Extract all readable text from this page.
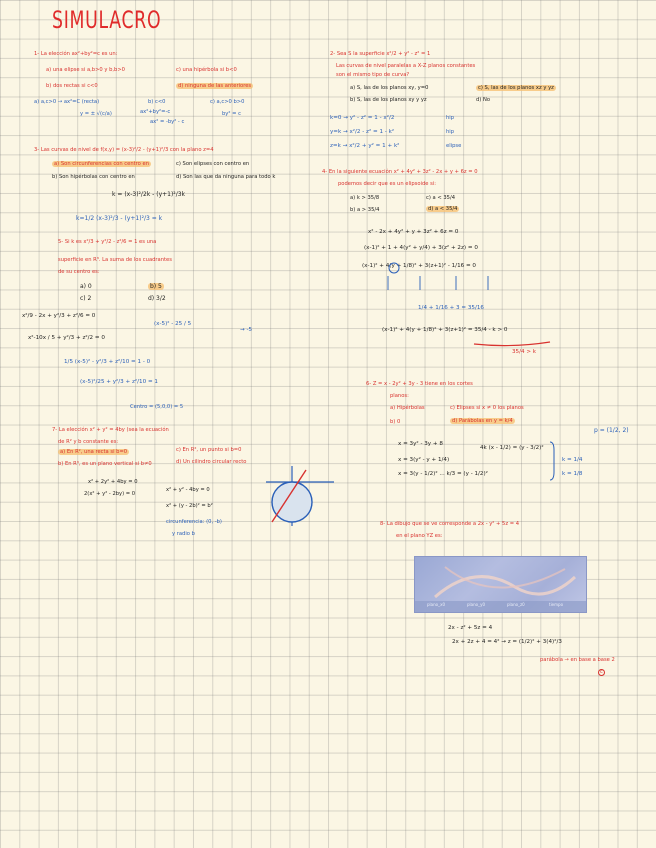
SIMULACRO
1- La elección ax²+by²=c es un:
a) una elipse si a,b>0 y b,b>0	c) una hipérbola si b<0
b) dos rectas si c<0	d) ninguna de las anteriores
a) a,c>0 → ax²=C (recta)
y = ± √(c/a)
b) c<0
ax²+by²=-c
ax² = -by² - c
c) a,c>0 b>0
by² = c
3- Las curvas de nivel de f(x,y) = (x-3)²/2 - (y+1)²/3 con la plano z=4
a) Son circunferencias con centro en	c) Son elipses con centro en
b) Son hipérbolas con centro en	d) Son las que da ninguna para todo k
k = (x-3)²/2k - (y+1)²/3k
k=1/2 (x-3)²/3 - (y+1)²/3 = k
5- Si k es x²/3 + y²/2 - z²/6 = 1 es una
superficie en R³. La suma de los cuadrantes
de su centro es:
a) 0	b) 5
c) 2	d) 3/2
x²/9 - 2x + y²/3 + z²/6 = 0
x²-10x / 5 + y²/3 + z²/2 = 0
(x-5)² - 25 / 5
→ -5
1/5 (x-5)² - y²/3 + z²/10 = 1 - 0
(x-5)²/25 + y²/3 + z²/10 = 1
Centro = (5,0,0) = 5
7- La elección x² + y² = 4by (sea la ecuación
de R² y b constante es:
a) En R², una recta si b=0	c) En R², un punto si b=0
b) En R³, es un plano vertical si b≠0	d) Un cilindro circular recto
x² + 2y² + 4by = 0
x² + y² - 4by = 0
2(x² + y² - 2by) = 0
x² + (y - 2b)² = b²
circunferencia: (0, -b)
y radio b
2- Sea S la superficie x²/2 + y² - z² = 1
Las curvas de nivel paralelas a X-Z planos constantes
son el mismo tipo de curva?
a) S, las de los planos xy, y=0	c) S, las de los planos xz y yz
b) S, las de los planos xy y yz	d) No
k=0 → y² - z² = 1 - x²/2
y=k → x²/2 - z² = 1 - k²
z=k → x²/2 + y² = 1 + k²
hip
hip
elipse
4- En la siguiente ecuación x² + 4y² + 3z² - 2x + y + 6z = 0
podemos decir que es un elipsoide si:
a) k > 35/8	c) a < 35/4
b) a > 35/4	d) a < 35/4
x² - 2x + 4y² + y + 3z² + 6z = 0
(x-1)² + 1 + 4(y² + y/4) + 3(z² + 2z) = 0
(x-1)² + 4(y + 1/8)² + 3(z+1)² - 1/16 = 0
1/4 + 1/16 + 3 = 35/16
(x-1)² + 4(y + 1/8)² + 3(z+1)² = 35/4 - k > 0
35/4 > k
6- Z = x - 2y² + 3y - 3 tiene en los cortes
planos:
a) Hipérbolas	c) Elipses si x ≠ 0 los planos
b) 0	d) Parábolas en y = k/4
x = 3y² - 3y + 8
x = 3(y² - y + 1/4)
x = 3(y - 1/2)² ... k/3 = (y - 1/2)²
4k (x - 1/2) = (y - 3/2)²
p = (1/2, 2)
k = 1/4
k = 1/8
8- La dibujo que se ve corresponde a 2x - y² + 5z = 4
en el plano YZ es:
plano_x0	plano_y0	plano_z0	tiempo
2x - z² + 5z = 4
2x + 2z + 4 = 4² → z = (1/2)² + 3(4)²/3
parábola → en base a base 2
c
